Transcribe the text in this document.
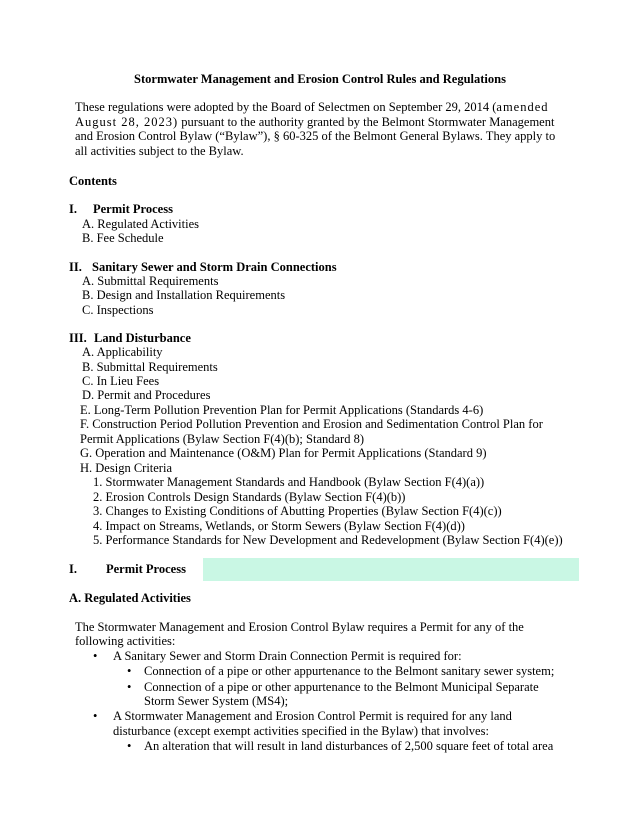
Stormwater Management and Erosion Control Rules and Regulations
These regulations were adopted by the Board of Selectmen on September 29, 2014 (amended
August 28, 2023) pursuant to the authority granted by the Belmont Stormwater Management
and Erosion Control Bylaw (“Bylaw”), § 60-325 of the Belmont General Bylaws. They apply to
all activities subject to the Bylaw.
Contents
I. Permit Process
A. Regulated Activities
B. Fee Schedule
II. Sanitary Sewer and Storm Drain Connections
A. Submittal Requirements
B. Design and Installation Requirements
C. Inspections
III. Land Disturbance
A. Applicability
B. Submittal Requirements
C. In Lieu Fees
D. Permit and Procedures
E. Long-Term Pollution Prevention Plan for Permit Applications (Standards 4-6)
F. Construction Period Pollution Prevention and Erosion and Sedimentation Control Plan for
Permit Applications (Bylaw Section F(4)(b); Standard 8)
G. Operation and Maintenance (O&M) Plan for Permit Applications (Standard 9)
H. Design Criteria
1. Stormwater Management Standards and Handbook (Bylaw Section F(4)(a))
2. Erosion Controls Design Standards (Bylaw Section F(4)(b))
3. Changes to Existing Conditions of Abutting Properties (Bylaw Section F(4)(c))
4. Impact on Streams, Wetlands, or Storm Sewers (Bylaw Section F(4)(d))
5. Performance Standards for New Development and Redevelopment (Bylaw Section F(4)(e))
I. Permit Process
A. Regulated Activities
The Stormwater Management and Erosion Control Bylaw requires a Permit for any of the
following activities:
• A Sanitary Sewer and Storm Drain Connection Permit is required for:
• Connection of a pipe or other appurtenance to the Belmont sanitary sewer system;
• Connection of a pipe or other appurtenance to the Belmont Municipal Separate
Storm Sewer System (MS4);
• A Stormwater Management and Erosion Control Permit is required for any land
disturbance (except exempt activities specified in the Bylaw) that involves:
• An alteration that will result in land disturbances of 2,500 square feet of total area
